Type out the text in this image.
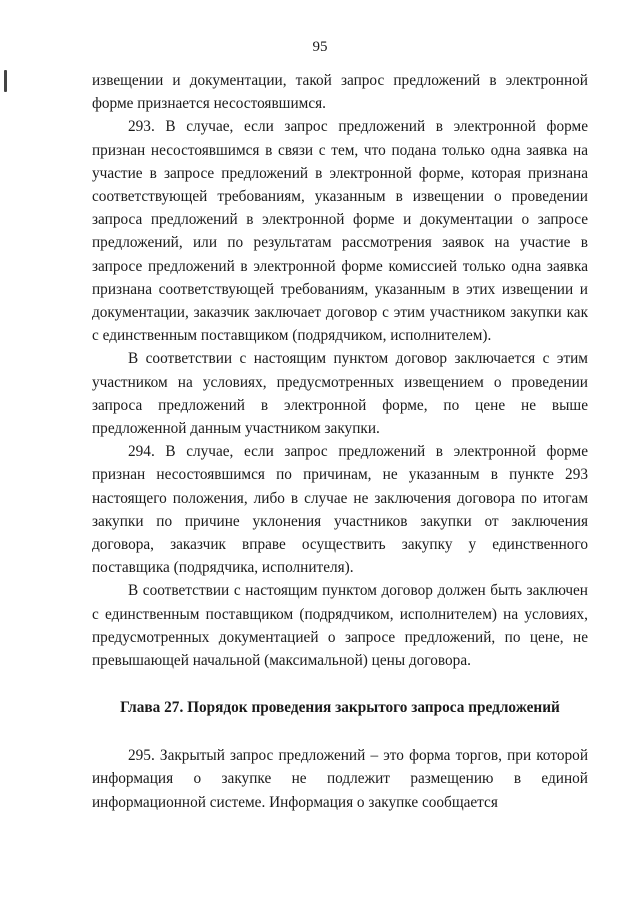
95

извещении и документации, такой запрос предложений в электронной форме признается несостоявшимся.

293. В случае, если запрос предложений в электронной форме признан несостоявшимся в связи с тем, что подана только одна заявка на участие в запросе предложений в электронной форме, которая признана соответствующей требованиям, указанным в извещении о проведении запроса предложений в электронной форме и документации о запросе предложений, или по результатам рассмотрения заявок на участие в запросе предложений в электронной форме комиссией только одна заявка признана соответствующей требованиям, указанным в этих извещении и документации, заказчик заключает договор с этим участником закупки как с единственным поставщиком (подрядчиком, исполнителем).

В соответствии с настоящим пунктом договор заключается с этим участником на условиях, предусмотренных извещением о проведении запроса предложений в электронной форме, по цене не выше предложенной данным участником закупки.

294. В случае, если запрос предложений в электронной форме признан несостоявшимся по причинам, не указанным в пункте 293 настоящего положения, либо в случае не заключения договора по итогам закупки по причине уклонения участников закупки от заключения договора, заказчик вправе осуществить закупку у единственного поставщика (подрядчика, исполнителя).

В соответствии с настоящим пунктом договор должен быть заключен с единственным поставщиком (подрядчиком, исполнителем) на условиях, предусмотренных документацией о запросе предложений, по цене, не превышающей начальной (максимальной) цены договора.

Глава 27. Порядок проведения закрытого запроса предложений

295. Закрытый запрос предложений – это форма торгов, при которой информация о закупке не подлежит размещению в единой информационной системе. Информация о закупке сообщается
